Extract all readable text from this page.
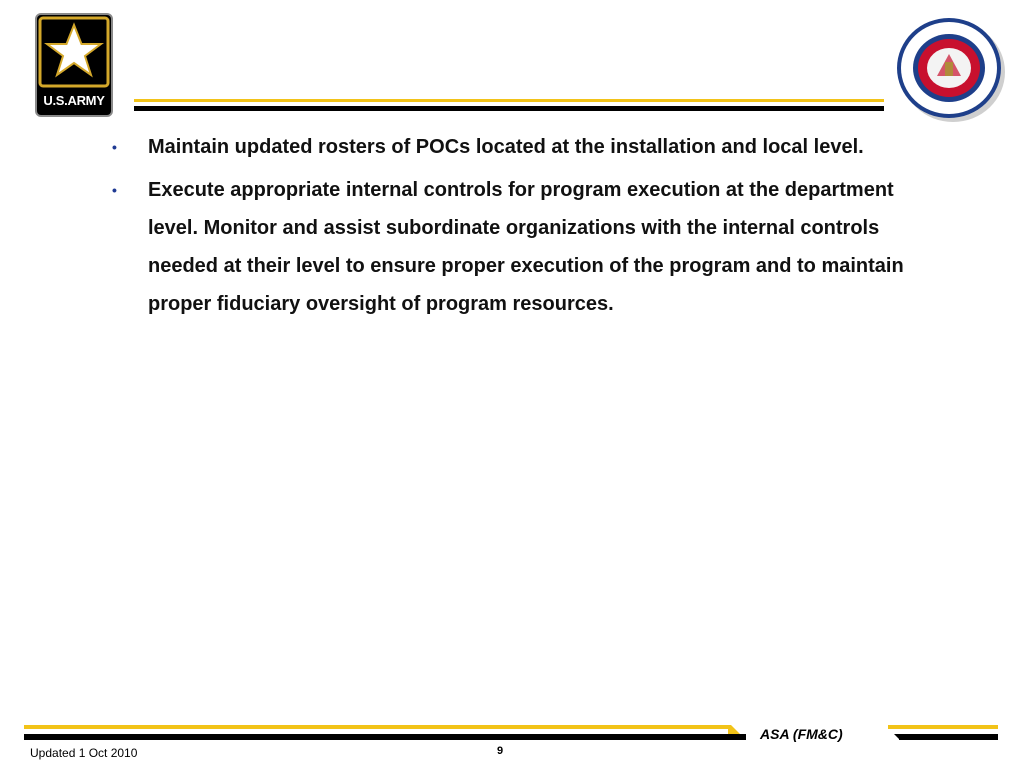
U.S.ARMY
•	Maintain updated rosters of POCs located at the installation and local level.
•	Execute appropriate internal controls for program execution at the department level. Monitor and assist subordinate organizations with the internal controls needed at their level to ensure proper execution of the program and to maintain proper fiduciary oversight of program resources.
ASA (FM&C)
Updated 1 Oct 2010	9
